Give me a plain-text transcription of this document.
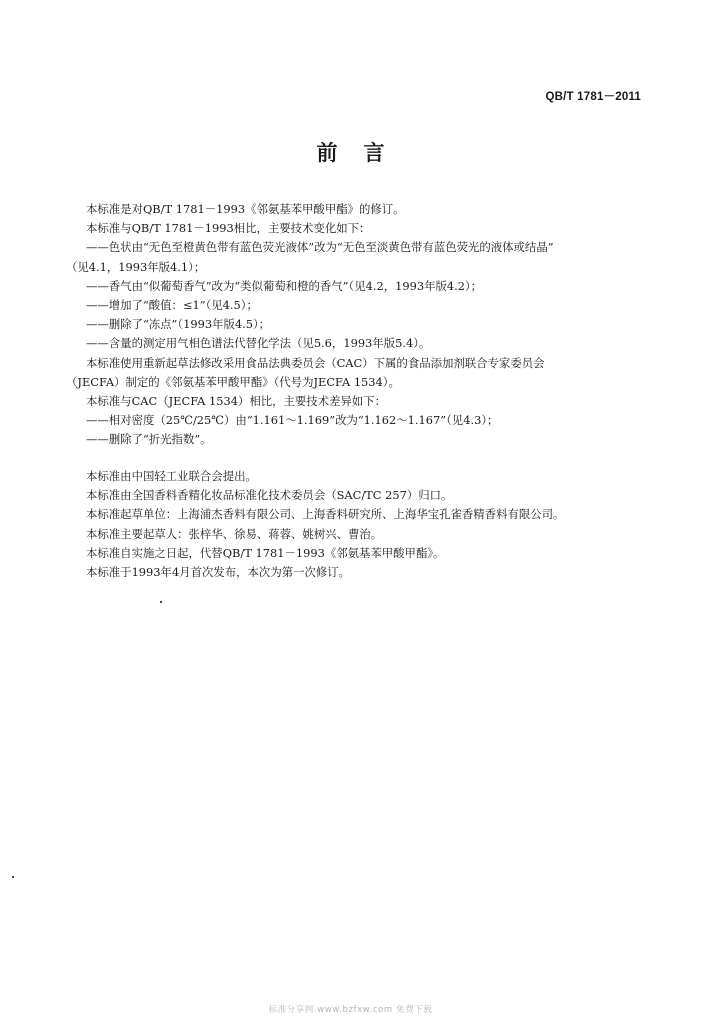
QB/T 1781－2011
前言
本标准是对QB/T 1781－1993《邻氨基苯甲酸甲酯》的修订。
本标准与QB/T 1781－1993相比，主要技术变化如下：
——色状由“无色至橙黄色带有蓝色荧光液体”改为“无色至淡黄色带有蓝色荧光的液体或结晶”
（见4.1，1993年版4.1）；
——香气由“似葡萄香气”改为“类似葡萄和橙的香气”（见4.2，1993年版4.2）；
——增加了“酸值：≤1”（见4.5）；
——删除了“冻点”（1993年版4.5）；
——含量的测定用气相色谱法代替化学法（见5.6，1993年版5.4）。
本标准使用重新起草法修改采用食品法典委员会（CAC）下属的食品添加剂联合专家委员会
（JECFA）制定的《邻氨基苯甲酸甲酯》（代号为JECFA 1534）。
本标准与CAC（JECFA 1534）相比，主要技术差异如下：
——相对密度（25℃/25℃）由“1.161～1.169”改为“1.162～1.167”（见4.3）；
——删除了“折光指数”。
本标准由中国轻工业联合会提出。
本标准由全国香料香精化妆品标准化技术委员会（SAC/TC 257）归口。
本标准起草单位：上海浦杰香料有限公司、上海香料研究所、上海华宝孔雀香精香料有限公司。
本标准主要起草人：张梓华、徐易、蒋蓉、姚树兴、曹治。
本标准自实施之日起，代替QB/T 1781－1993《邻氨基苯甲酸甲酯》。
本标准于1993年4月首次发布，本次为第一次修订。
标准分享网 www.bzfxw.com 免费下载
